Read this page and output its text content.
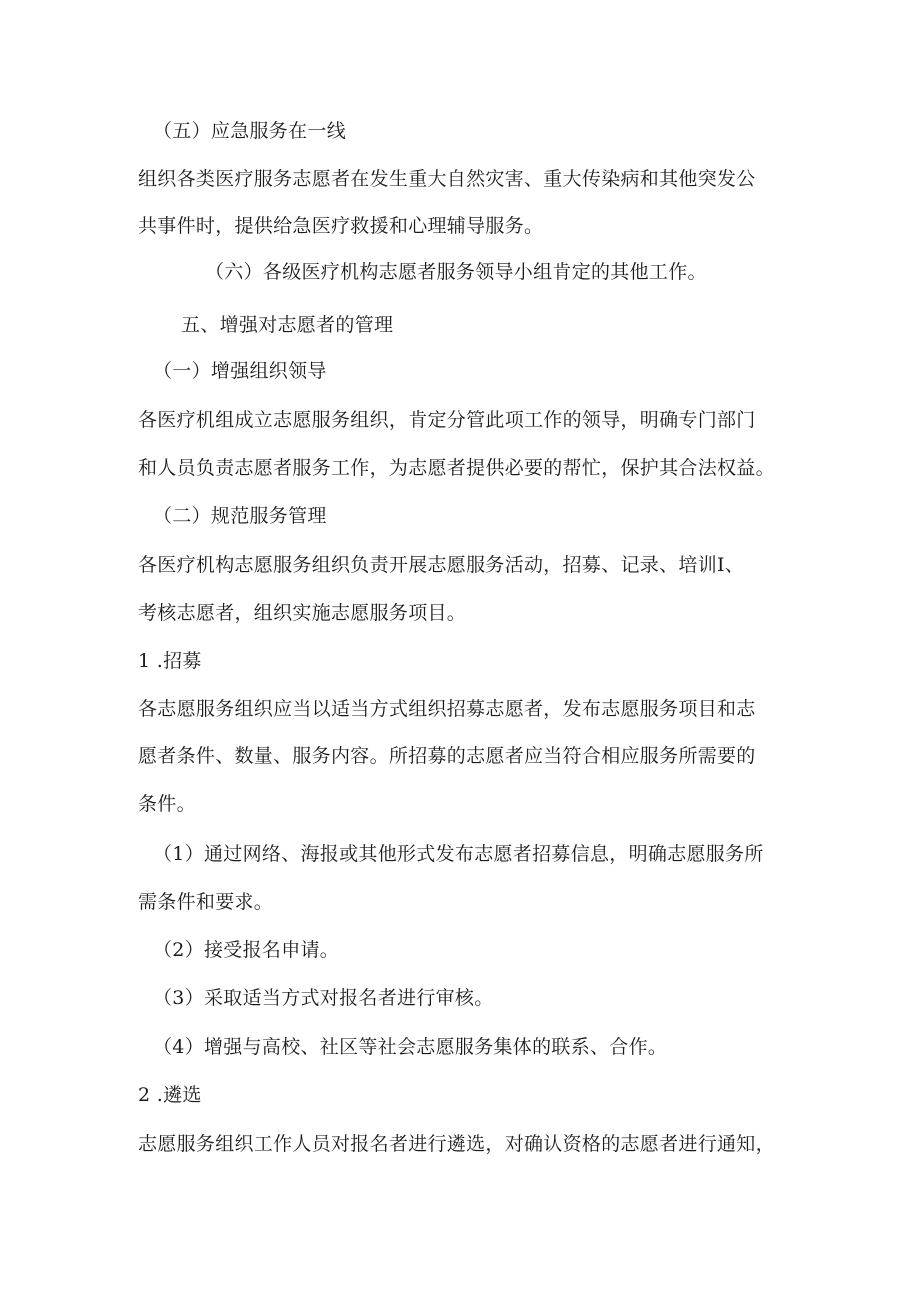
（五）应急服务在一线
组织各类医疗服务志愿者在发生重大自然灾害、重大传染病和其他突发公
共事件时，提供给急医疗救援和心理辅导服务。
（六）各级医疗机构志愿者服务领导小组肯定的其他工作。
五、增强对志愿者的管理
（一）增强组织领导
各医疗机组成立志愿服务组织，肯定分管此项工作的领导，明确专门部门
和人员负责志愿者服务工作，为志愿者提供必要的帮忙，保护其合法权益。
（二）规范服务管理
各医疗机构志愿服务组织负责开展志愿服务活动，招募、记录、培训I、
考核志愿者，组织实施志愿服务项目。
1 .招募
各志愿服务组织应当以适当方式组织招募志愿者，发布志愿服务项目和志
愿者条件、数量、服务内容。所招募的志愿者应当符合相应服务所需要的
条件。
（1）通过网络、海报或其他形式发布志愿者招募信息，明确志愿服务所
需条件和要求。
（2）接受报名申请。
（3）采取适当方式对报名者进行审核。
（4）增强与高校、社区等社会志愿服务集体的联系、合作。
2 .遴选
志愿服务组织工作人员对报名者进行遴选，对确认资格的志愿者进行通知，
